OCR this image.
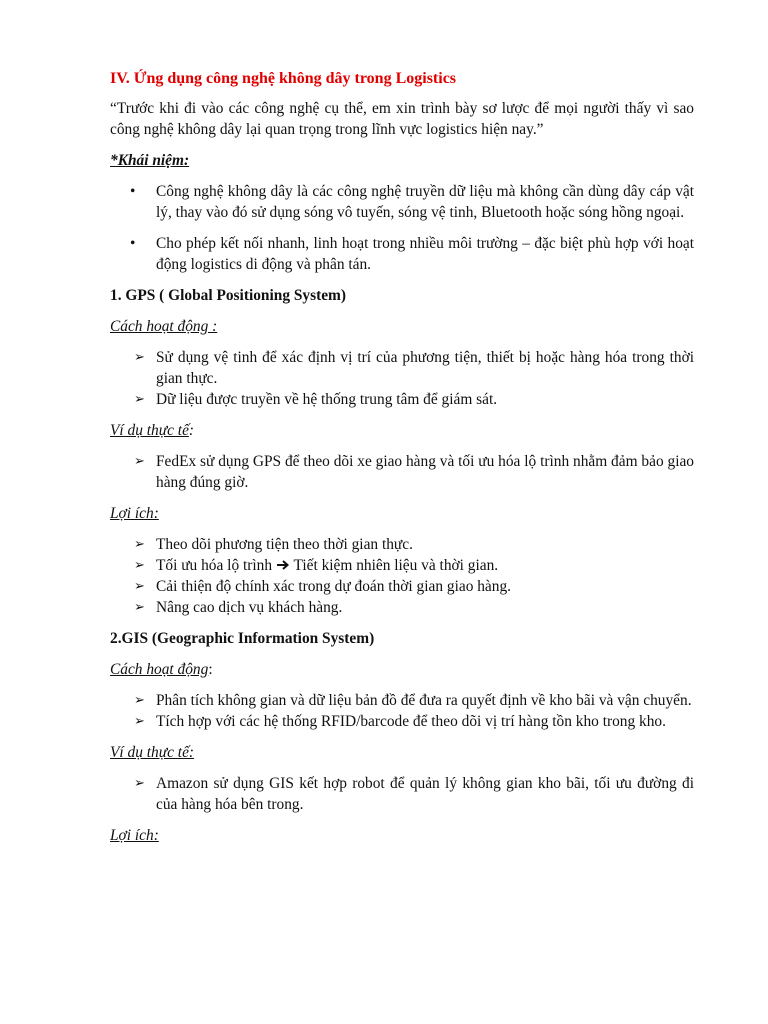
IV. Ứng dụng công nghệ không dây trong Logistics

“Trước khi đi vào các công nghệ cụ thể, em xin trình bày sơ lược để mọi người thấy vì sao công nghệ không dây lại quan trọng trong lĩnh vực logistics hiện nay.”

*Khái niệm:

• Công nghệ không dây là các công nghệ truyền dữ liệu mà không cần dùng dây cáp vật lý, thay vào đó sử dụng sóng vô tuyến, sóng vệ tinh, Bluetooth hoặc sóng hồng ngoại.
• Cho phép kết nối nhanh, linh hoạt trong nhiều môi trường – đặc biệt phù hợp với hoạt động logistics di động và phân tán.

1. GPS ( Global Positioning System)

Cách hoạt động :

➢ Sử dụng vệ tinh để xác định vị trí của phương tiện, thiết bị hoặc hàng hóa trong thời gian thực.
➢ Dữ liệu được truyền về hệ thống trung tâm để giám sát.

Ví dụ thực tế:

➢ FedEx sử dụng GPS để theo dõi xe giao hàng và tối ưu hóa lộ trình nhằm đảm bảo giao hàng đúng giờ.

Lợi ích:

➢ Theo dõi phương tiện theo thời gian thực.
➢ Tối ưu hóa lộ trình Tiết kiệm nhiên liệu và thời gian.
➢ Cải thiện độ chính xác trong dự đoán thời gian giao hàng.
➢ Nâng cao dịch vụ khách hàng.

2.GIS (Geographic Information System)

Cách hoạt động:

➢ Phân tích không gian và dữ liệu bản đồ để đưa ra quyết định về kho bãi và vận chuyển.
➢ Tích hợp với các hệ thống RFID/barcode để theo dõi vị trí hàng tồn kho trong kho.

Ví dụ thực tế:

➢ Amazon sử dụng GIS kết hợp robot để quản lý không gian kho bãi, tối ưu đường đi của hàng hóa bên trong.

Lợi ích:
